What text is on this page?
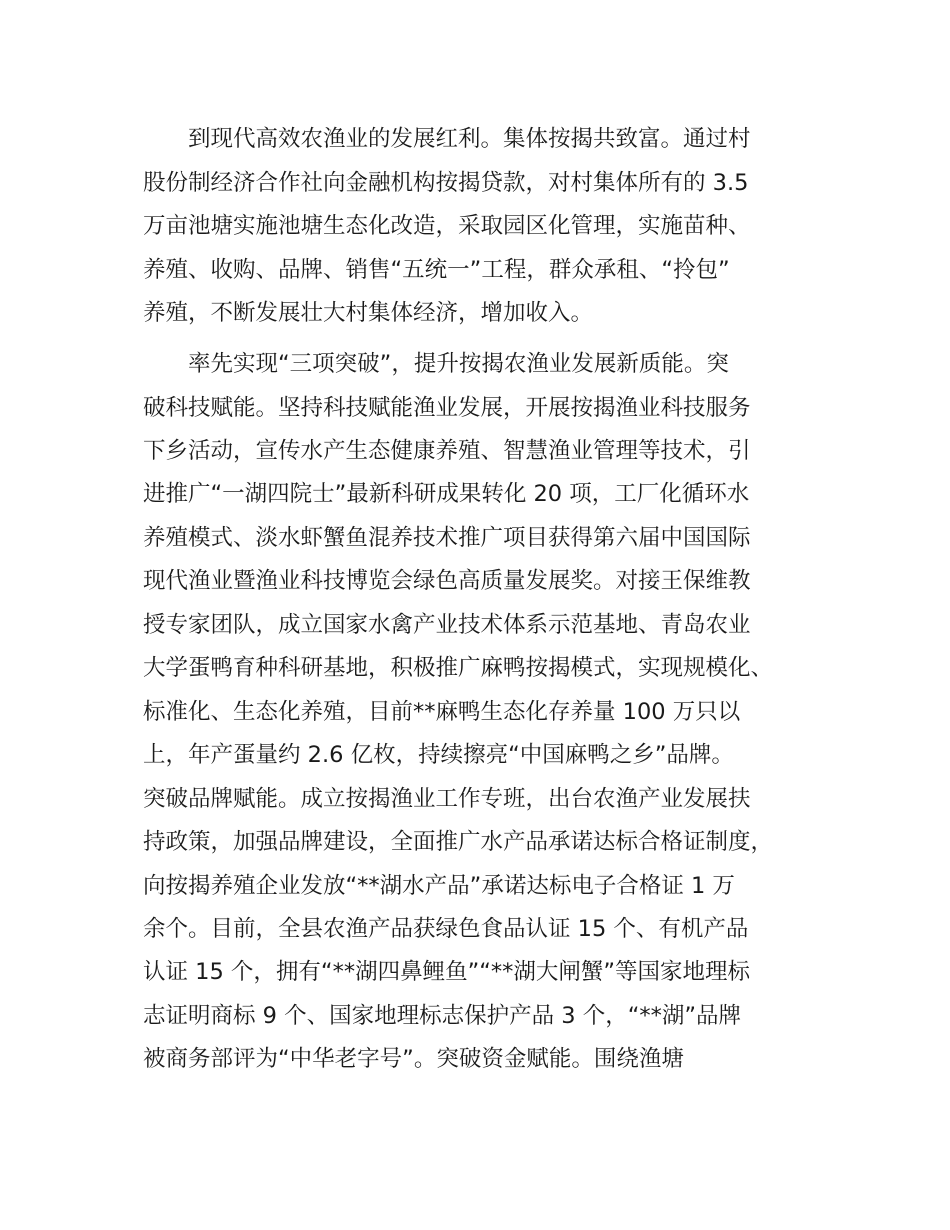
到现代高效农渔业的发展红利。集体按揭共致富。通过村
股份制经济合作社向金融机构按揭贷款，对村集体所有的 3.5
万亩池塘实施池塘生态化改造，采取园区化管理，实施苗种、
养殖、收购、品牌、销售“五统一”工程，群众承租、“拎包”
养殖，不断发展壮大村集体经济，增加收入。
率先实现“三项突破”，提升按揭农渔业发展新质能。突
破科技赋能。坚持科技赋能渔业发展，开展按揭渔业科技服务
下乡活动，宣传水产生态健康养殖、智慧渔业管理等技术，引
进推广“一湖四院士”最新科研成果转化 20 项，工厂化循环水
养殖模式、淡水虾蟹鱼混养技术推广项目获得第六届中国国际
现代渔业暨渔业科技博览会绿色高质量发展奖。对接王保维教
授专家团队，成立国家水禽产业技术体系示范基地、青岛农业
大学蛋鸭育种科研基地，积极推广麻鸭按揭模式，实现规模化、
标准化、生态化养殖，目前**麻鸭生态化存养量 100 万只以
上，年产蛋量约 2.6 亿枚，持续擦亮“中国麻鸭之乡”品牌。
突破品牌赋能。成立按揭渔业工作专班，出台农渔产业发展扶
持政策，加强品牌建设，全面推广水产品承诺达标合格证制度，
向按揭养殖企业发放“**湖水产品”承诺达标电子合格证 1 万
余个。目前，全县农渔产品获绿色食品认证 15 个、有机产品
认证 15 个，拥有“**湖四鼻鲤鱼”“**湖大闸蟹”等国家地理标
志证明商标 9 个、国家地理标志保护产品 3 个，“**湖”品牌
被商务部评为“中华老字号”。突破资金赋能。围绕渔塘
